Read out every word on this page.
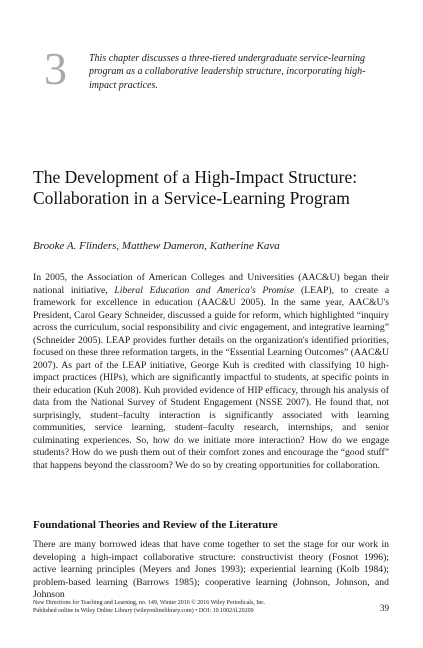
3 This chapter discusses a three-tiered undergraduate service-learning program as a collaborative leadership structure, incorporating high-impact practices.

The Development of a High-Impact Structure: Collaboration in a Service-Learning Program

Brooke A. Flinders, Matthew Dameron, Katherine Kava

In 2005, the Association of American Colleges and Universities (AAC&U) began their national initiative, Liberal Education and America's Promise (LEAP), to create a framework for excellence in education (AAC&U 2005). In the same year, AAC&U's President, Carol Geary Schneider, discussed a guide for reform, which highlighted “inquiry across the curriculum, social responsibility and civic engagement, and integrative learning” (Schneider 2005). LEAP provides further details on the organization's identified priorities, focused on these three reformation targets, in the “Essential Learning Outcomes” (AAC&U 2007). As part of the LEAP initiative, George Kuh is credited with classifying 10 high-impact practices (HIPs), which are significantly impactful to students, at specific points in their education (Kuh 2008). Kuh provided evidence of HIP efficacy, through his analysis of data from the National Survey of Student Engagement (NSSE 2007). He found that, not surprisingly, student–faculty interaction is significantly associated with learning communities, service learning, student–faculty research, internships, and senior culminating experiences. So, how do we initiate more interaction? How do we engage students? How do we push them out of their comfort zones and encourage the “good stuff” that happens beyond the classroom? We do so by creating opportunities for collaboration.

Foundational Theories and Review of the Literature

There are many borrowed ideas that have come together to set the stage for our work in developing a high-impact collaborative structure: constructivist theory (Fosnot 1996); active learning principles (Meyers and Jones 1993); experiential learning (Kolb 1984); problem-based learning (Barrows 1985); cooperative learning (Johnson, Johnson, and Johnson

New Directions for Teaching and Learning, no. 149, Winter 2016 © 2016 Wiley Periodicals, Inc.
Published online in Wiley Online Library (wileyonlinelibrary.com) • DOI: 10.1002/tl.20209	39
